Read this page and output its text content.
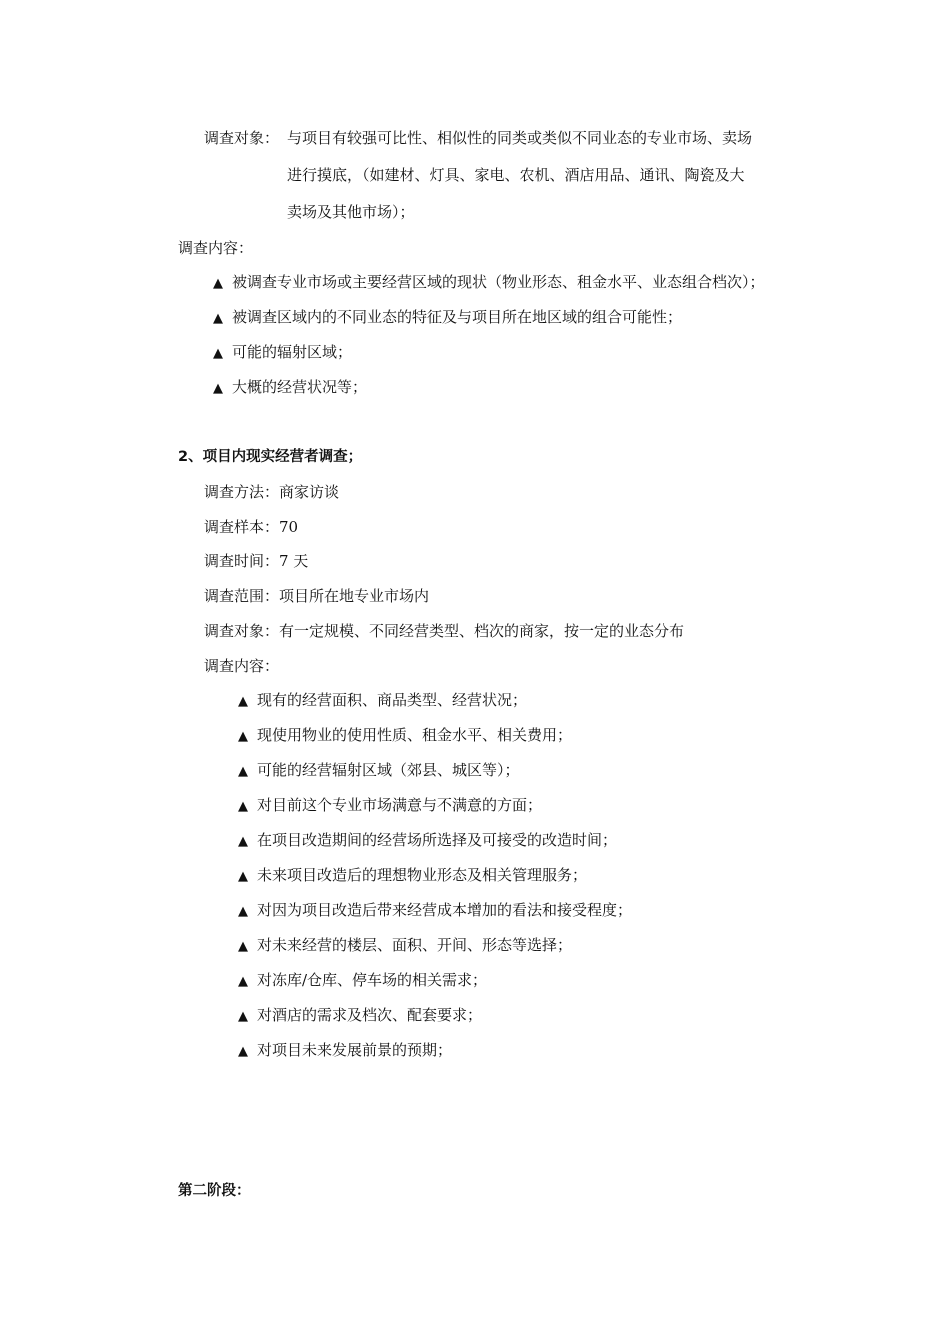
调查对象： 与项目有较强可比性、相似性的同类或类似不同业态的专业市场、卖场
进行摸底，（如建材、灯具、家电、农机、酒店用品、通讯、陶瓷及大
卖场及其他市场）；
调查内容：
▲ 被调查专业市场或主要经营区域的现状（物业形态、租金水平、业态组合档次）；
▲ 被调查区域内的不同业态的特征及与项目所在地区域的组合可能性；
▲ 可能的辐射区域；
▲ 大概的经营状况等；
2、项目内现实经营者调查；
调查方法：商家访谈
调查样本：70
调查时间：7 天
调查范围：项目所在地专业市场内
调查对象：有一定规模、不同经营类型、档次的商家，按一定的业态分布
调查内容：
▲ 现有的经营面积、商品类型、经营状况；
▲ 现使用物业的使用性质、租金水平、相关费用；
▲ 可能的经营辐射区域（郊县、城区等）；
▲ 对目前这个专业市场满意与不满意的方面；
▲ 在项目改造期间的经营场所选择及可接受的改造时间；
▲ 未来项目改造后的理想物业形态及相关管理服务；
▲ 对因为项目改造后带来经营成本增加的看法和接受程度；
▲ 对未来经营的楼层、面积、开间、形态等选择；
▲ 对冻库/仓库、停车场的相关需求；
▲ 对酒店的需求及档次、配套要求；
▲ 对项目未来发展前景的预期；
第二阶段：
